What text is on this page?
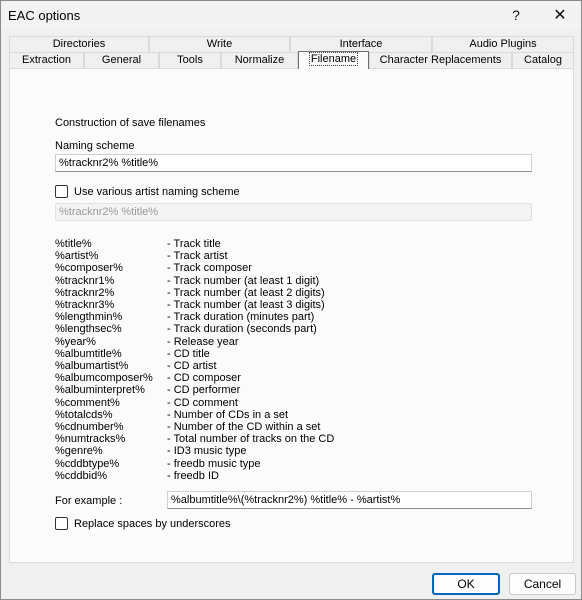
EAC options	?	✕
Directories	Write	Interface	Audio Plugins
Extraction	General	Tools	Normalize	Filename	Character Replacements	Catalog
Construction of save filenames
Naming scheme
%tracknr2% %title%
Use various artist naming scheme
%tracknr2% %title%
%title%	- Track title
%artist%	- Track artist
%composer%	- Track composer
%tracknr1%	- Track number (at least 1 digit)
%tracknr2%	- Track number (at least 2 digits)
%tracknr3%	- Track number (at least 3 digits)
%lengthmin%	- Track duration (minutes part)
%lengthsec%	- Track duration (seconds part)
%year%	- Release year
%albumtitle%	- CD title
%albumartist%	- CD artist
%albumcomposer% - CD composer
%albuminterpret% - CD performer
%comment%	- CD comment
%totalcds%	- Number of CDs in a set
%cdnumber%	- Number of the CD within a set
%numtracks%	- Total number of tracks on the CD
%genre%	- ID3 music type
%cddbtype%	- freedb music type
%cddbid%	- freedb ID
For example :	%albumtitle%\(%tracknr2%) %title% - %artist%
Replace spaces by underscores
OK	Cancel
